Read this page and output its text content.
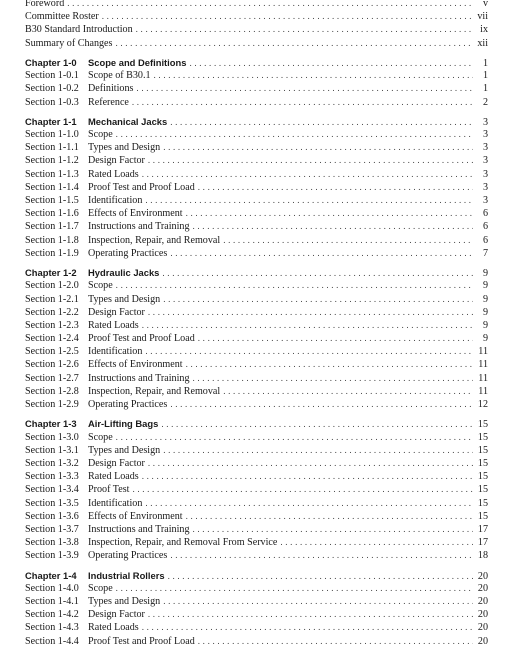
Foreword . . .	v
Committee Roster . . .	vii
B30 Standard Introduction . . .	ix
Summary of Changes . . .	xii
Chapter 1-0	Scope and Definitions . . .	1
Section 1-0.1 Scope of B30.1 . . .	1
Section 1-0.2 Definitions . . .	1
Section 1-0.3 Reference . . .	2
Chapter 1-1	Mechanical Jacks . . .	3
Section 1-1.0 Scope . . .	3
Section 1-1.1 Types and Design . . .	3
Section 1-1.2 Design Factor . . .	3
Section 1-1.3 Rated Loads . . .	3
Section 1-1.4 Proof Test and Proof Load . . .	3
Section 1-1.5 Identification . . .	3
Section 1-1.6 Effects of Environment . . .	6
Section 1-1.7 Instructions and Training . . .	6
Section 1-1.8 Inspection, Repair, and Removal . . .	6
Section 1-1.9 Operating Practices . . .	7
Chapter 1-2	Hydraulic Jacks . . .	9
Section 1-2.0 Scope . . .	9
Section 1-2.1 Types and Design . . .	9
Section 1-2.2 Design Factor . . .	9
Section 1-2.3 Rated Loads . . .	9
Section 1-2.4 Proof Test and Proof Load . . .	9
Section 1-2.5 Identification . . .	11
Section 1-2.6 Effects of Environment . . .	11
Section 1-2.7 Instructions and Training . . .	11
Section 1-2.8 Inspection, Repair, and Removal . . .	11
Section 1-2.9 Operating Practices . . .	12
Chapter 1-3	Air-Lifting Bags . . .	15
Section 1-3.0 Scope . . .	15
Section 1-3.1 Types and Design . . .	15
Section 1-3.2 Design Factor . . .	15
Section 1-3.3 Rated Loads . . .	15
Section 1-3.4 Proof Test . . .	15
Section 1-3.5 Identification . . .	15
Section 1-3.6 Effects of Environment . . .	15
Section 1-3.7 Instructions and Training . . .	17
Section 1-3.8 Inspection, Repair, and Removal From Service . . .	17
Section 1-3.9 Operating Practices . . .	18
Chapter 1-4	Industrial Rollers . . .	20
Section 1-4.0 Scope . . .	20
Section 1-4.1 Types and Design . . .	20
Section 1-4.2 Design Factor . . .	20
Section 1-4.3 Rated Loads . . .	20
Section 1-4.4 Proof Test and Proof Load . . .	20
